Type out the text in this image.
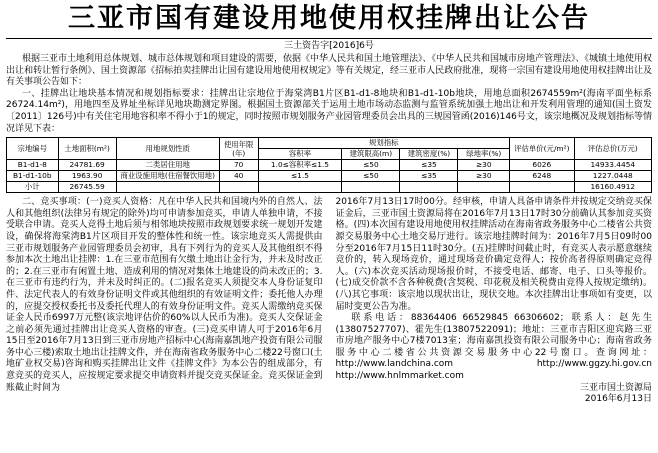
三亚市国有建设用地使用权挂牌出让公告
三土资告字[2016]6号

根据三亚市土地利用总体规划、城市总体规划和项目建设的需要，依据《中华人民共和国土地管理法》、《中华人民共和国城市房地产管理法》、《城镇土地使用权出让和转让暂行条例》、国土资源部《招标拍卖挂牌出让国有建设用地使用权规定》等有关规定，经三亚市人民政府批准，现将一宗国有建设用地使用权挂牌出让及有关事项公告如下：

一、挂牌出让地块基本情况和规划指标要求：挂牌出让宗地位于海棠湾B1片区B1-d1-8地块和B1-d1-10b地块，用地总面积2674559m²(海南平面坐标系26724.14m²)，用地四至及界址坐标详见地块勘测定界图。根据国土资源部关于运用土地市场动态监测与监管系统加强土地出让和开发利用管理的通知(国土资发〔2011〕126号)中有关住宅用地容积率不得小于1的规定，同时按照市规划服务产业园管理委员会出具的三规园管函(2016)146号文，该宗地概况及规划指标等情况详见下表：

宗地编号	土地面积(m²)	用地规划性质	使用年限(年)	规划指标				评估单价(元/m²)	评估总价(万元)
				容积率	建筑限高(m)	建筑密度(%)	绿地率(%)		
B1-d1-8	24781.69	二类居住用地	70	1.0≤容积率≤1.5	≤50	≤35	≥30	6026	14933.4454
B1-d1-10b	1963.90	商业设施用地(住宿餐饮用地)	40	≤1.5	≤50	≤35	≥30	6248	1227.0448
小计	26745.59								16160.4912

二、竞买事项：(一)竞买人资格：凡在中华人民共和国境内外的自然人、法人和其他组织(法律另有规定的除外)均可申请参加竞买，申请人单独申请，不接受联合申请。竞买人竞得土地后须与相邻地块按照市政规划要求统一规划开发建设，确保将海棠湾B1片区项目开发的整体性和统一性。该宗地竞买人需提供由三亚市规划服务产业园管理委员会初审，具有下列行为的竞买人及其他组织不得参加本次土地出让挂牌：1.在三亚市范围有欠缴土地出让金行为，并未及时改正的；2.在三亚市有闲置土地、造成利用的情况对集体土地建设的尚未改正的；3.在三亚市有违约行为，并未及时纠正的。(二)报名竞买人须提交本人身份证复印件、法定代表人的有效身份证明文件或其他组织的有效证明文件；委托他人办理的，应提交授权委托书及委托代理人的有效身份证明文件。竞买人需缴纳竞买保证金人民币6997万元整(该宗地评估价的60%以人民币为准)。竞买人交保证金之前必须先通过挂牌出让竞买人资格的审查。(三)竞买申请人可于2016年6月15日至2016年7月13日到三亚市房地产招标中心(海南嘉凯地产投资有限公司服务中心三楼)索取土地出让挂牌文件，并在海南省政务服务中心二楼22号窗口(土地矿业权交易)咨询和购买挂牌出让文件《挂牌文件》为本公告的组成部分，有意竞买的竞买人，应按规定要求提交申请资料并提交竞买保证金。竞买保证金到账截止时间为

2016年7月13日17时00分。经审核，申请人具备申请条件并按规定交纳竞买保证金后，三亚市国土资源局将在2016年7月13日17时30分前确认其参加竞买资格。(四)本次国有建设用地使用权挂牌活动在海南省政务服务中心二楼省公共资源交易服务中心土地交易厅进行。该宗地挂牌时间为：2016年7月5日09时00分至2016年7月15日11时30分。(五)挂牌时间截止时，有竞买人表示愿意继续竞价的，转入现场竞价，通过现场竞价确定竞得人；按价高者得原则确定竞得人。(六)本次竞买活动现场报价时，不接受电话、邮寄、电子、口头等报价。(七)成交价款不含各种税费(含契税、印花税及相关税费由竞得人按规定缴纳)。(八)其它事项：该宗地以现状出让，现状交地。本次挂牌出让事项如有变更，以届时变更公告为准。

联系电话：88364406 66529845 66306602；联系人：赵先生(13807527707)、霍先生(13807522091)；地址：三亚市吉阳区迎宾路三亚市房地产服务中心7楼7013室；海南嘉凯投资有限公司服务中心；海南省政务服务中心二楼省公共资源交易服务中心22号窗口。查询网址：http://www.landchina.com http://www.ggzy.hi.gov.cn http://www.hnlmmarket.com

三亚市国土资源局
2016年6月13日
